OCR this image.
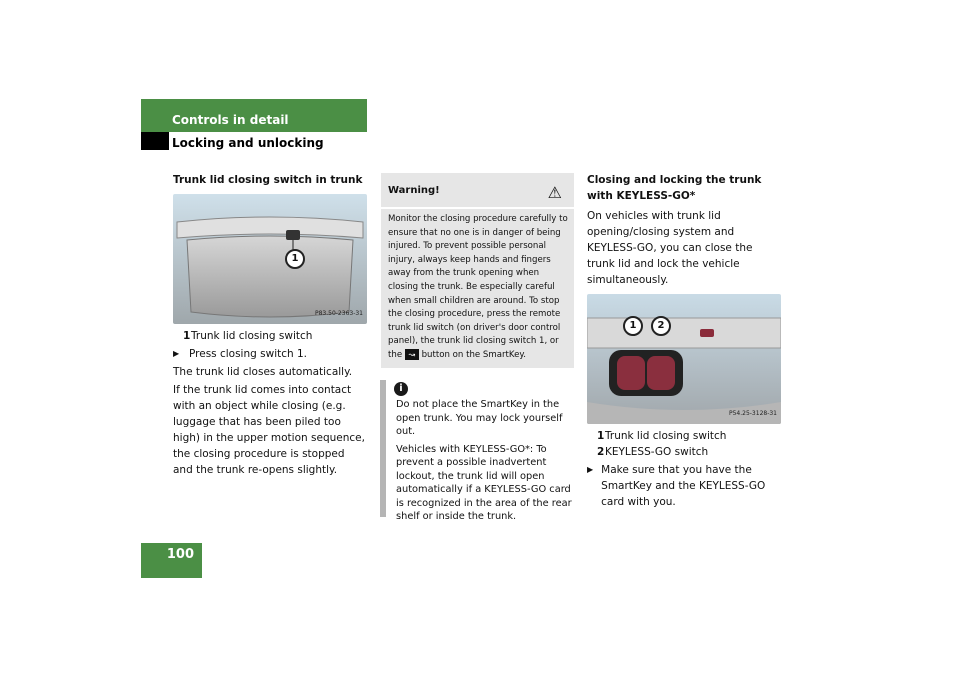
Controls in detail
Locking and unlocking

Trunk lid closing switch in trunk

1
P83.50-2363-31

1Trunk lid closing switch

▶ Press closing switch 1.

The trunk lid closes automatically.

If the trunk lid comes into contact with an object while closing (e.g. luggage that has been piled too high) in the upper motion sequence, the closing procedure is stopped and the trunk re-opens slightly.

Warning!	⚠

Monitor the closing procedure carefully to ensure that no one is in danger of being injured. To prevent possible personal injury, always keep hands and fingers away from the trunk opening when closing the trunk. Be especially careful when small children are around. To stop the closing procedure, press the remote trunk lid switch (on driver's door control panel), the trunk lid closing switch 1, or the ↝ button on the SmartKey.

i

Do not place the SmartKey in the open trunk. You may lock yourself out.

Vehicles with KEYLESS-GO*: To prevent a possible inadvertent lockout, the trunk lid will open automatically if a KEYLESS-GO card is recognized in the area of the rear shelf or inside the trunk.

Closing and locking the trunk with KEYLESS-GO*

On vehicles with trunk lid opening/closing system and KEYLESS-GO, you can close the trunk lid and lock the vehicle simultaneously.

1	2
P54.25-3128-31

1Trunk lid closing switch

2KEYLESS-GO switch

▶ Make sure that you have the SmartKey and the KEYLESS-GO card with you.
100
